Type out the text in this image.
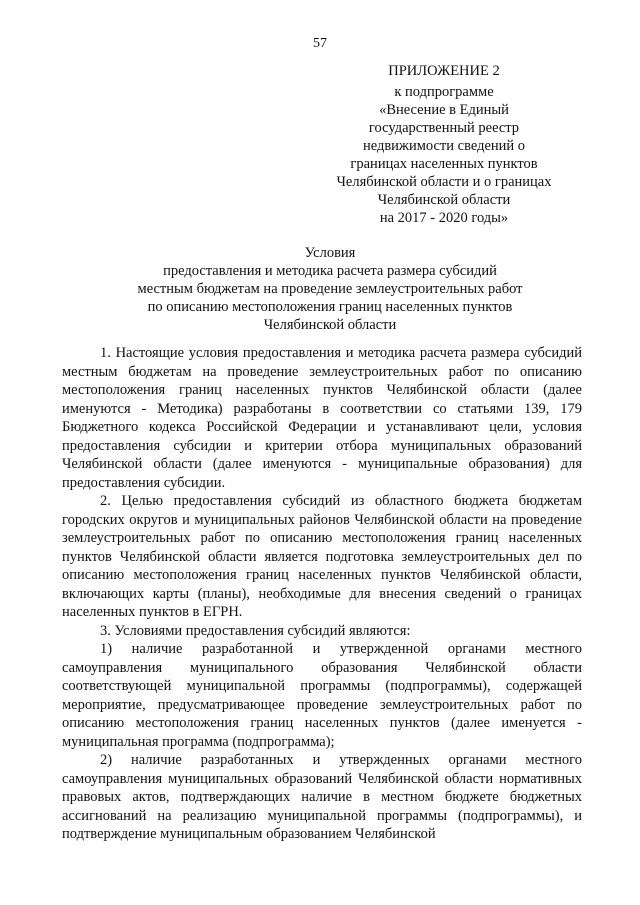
57
ПРИЛОЖЕНИЕ 2
к подпрограмме
«Внесение в Единый
государственный реестр
недвижимости сведений о
границах населенных пунктов
Челябинской области и о границах
Челябинской области
на 2017 - 2020 годы»
Условия
предоставления и методика расчета размера субсидий
местным бюджетам на проведение землеустроительных работ
по описанию местоположения границ населенных пунктов
Челябинской области

1. Настоящие условия предоставления и методика расчета размера субсидий местным бюджетам на проведение землеустроительных работ по описанию местоположения границ населенных пунктов Челябинской области (далее именуются - Методика) разработаны в соответствии со статьями 139, 179 Бюджетного кодекса Российской Федерации и устанавливают цели, условия предоставления субсидии и критерии отбора муниципальных образований Челябинской области (далее именуются - муниципальные образования) для предоставления субсидии.

2. Целью предоставления субсидий из областного бюджета бюджетам городских округов и муниципальных районов Челябинской области на проведение землеустроительных работ по описанию местоположения границ населенных пунктов Челябинской области является подготовка землеустроительных дел по описанию местоположения границ населенных пунктов Челябинской области, включающих карты (планы), необходимые для внесения сведений о границах населенных пунктов в ЕГРН.

3. Условиями предоставления субсидий являются:

1) наличие разработанной и утвержденной органами местного самоуправления муниципального образования Челябинской области соответствующей муниципальной программы (подпрограммы), содержащей мероприятие, предусматривающее проведение землеустроительных работ по описанию местоположения границ населенных пунктов (далее именуется - муниципальная программа (подпрограмма);

2) наличие разработанных и утвержденных органами местного самоуправления муниципальных образований Челябинской области нормативных правовых актов, подтверждающих наличие в местном бюджете бюджетных ассигнований на реализацию муниципальной программы (подпрограммы), и подтверждение муниципальным образованием Челябинской
